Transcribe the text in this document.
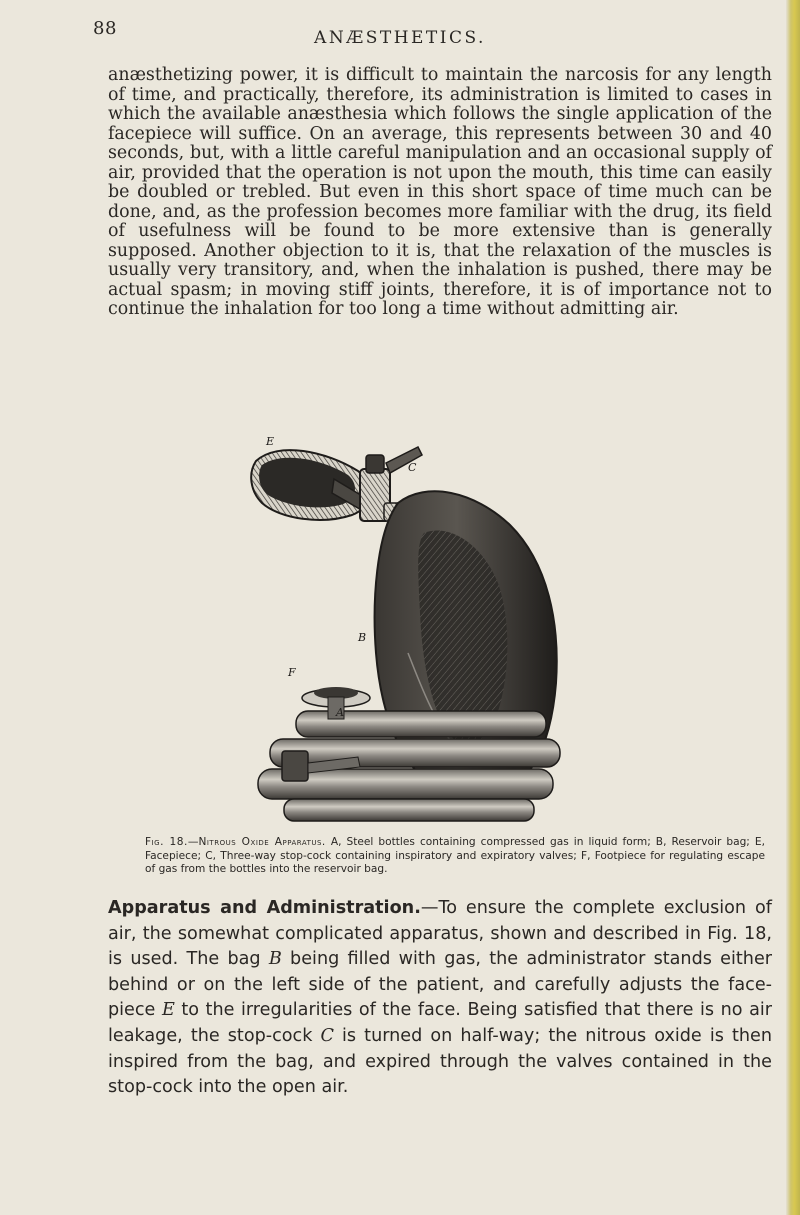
88	ANÆSTHETICS.

anæsthetizing power, it is difficult to maintain the narcosis for any length of time, and practically, therefore, its administration is limited to cases in which the available anæsthesia which follows the single application of the facepiece will suffice. On an average, this represents between 30 and 40 seconds, but, with a little careful manipulation and an occasional supply of air, provided that the operation is not upon the mouth, this time can easily be doubled or trebled. But even in this short space of time much can be done, and, as the profession becomes more familiar with the drug, its field of usefulness will be found to be more extensive than is generally supposed. Another objection to it is, that the relaxation of the muscles is usually very transitory, and, when the inhalation is pushed, there may be actual spasm; in moving stiff joints, therefore, it is of importance not to continue the inhalation for too long a time without admitting air.

E
C
B
F
A

Fig. 18.—Nitrous Oxide Apparatus. A, Steel bottles containing compressed gas in liquid form; B, Reservoir bag; E, Facepiece; C, Three-way stop-cock containing inspiratory and expiratory valves; F, Footpiece for regulating escape of gas from the bottles into the reservoir bag.

Apparatus and Administration.—To ensure the complete exclusion of air, the somewhat complicated apparatus, shown and described in Fig. 18, is used. The bag B being filled with gas, the administrator stands either behind or on the left side of the patient, and carefully adjusts the face-piece E to the irregularities of the face. Being satisfied that there is no air leakage, the stop-cock C is turned on half-way; the nitrous oxide is then inspired from the bag, and expired through the valves contained in the stop-cock into the open air.
